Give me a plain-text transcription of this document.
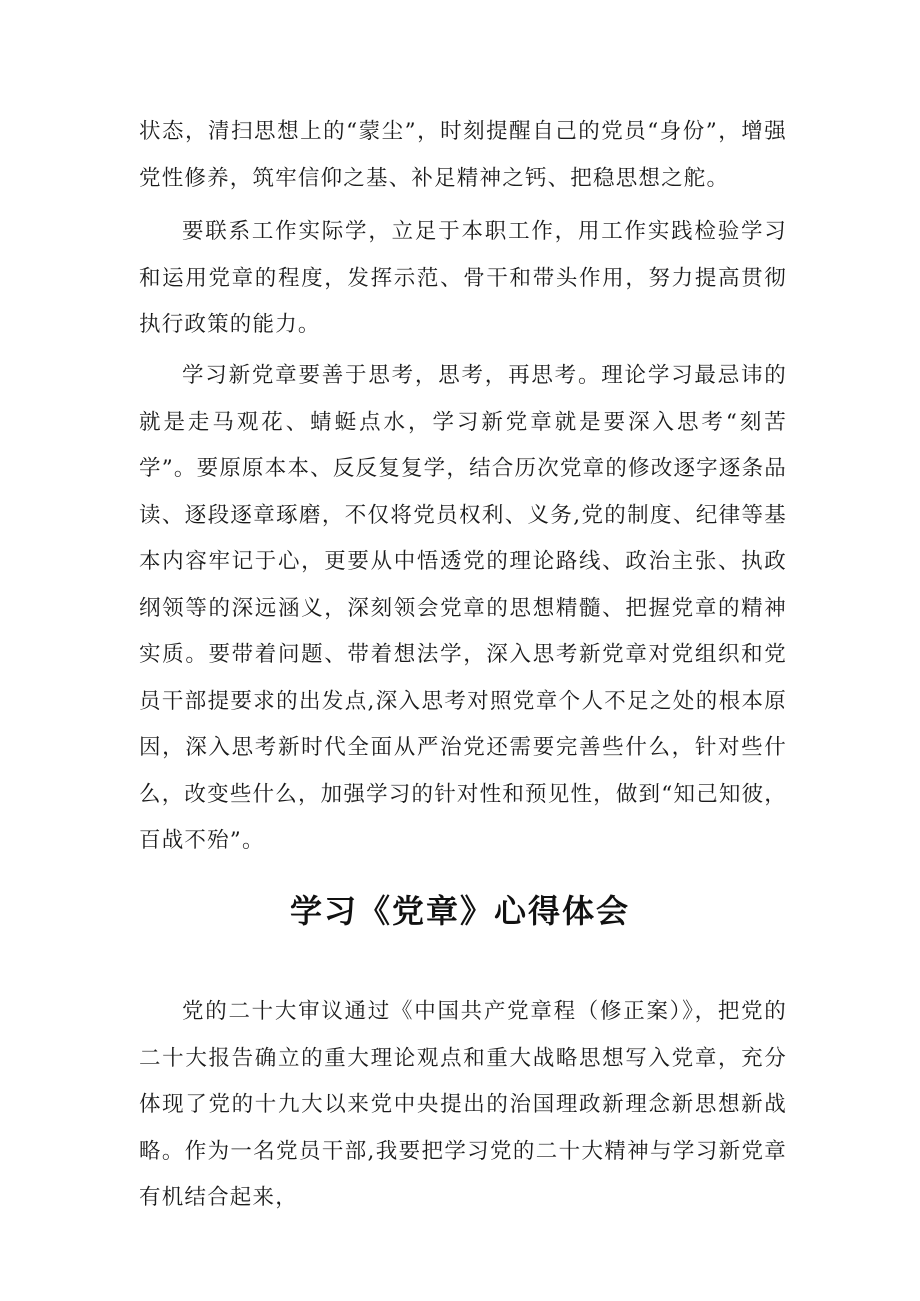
状态，清扫思想上的“蒙尘”，时刻提醒自己的党员“身份”，增强党性修养，筑牢信仰之基、补足精神之钙、把稳思想之舵。

要联系工作实际学，立足于本职工作，用工作实践检验学习和运用党章的程度，发挥示范、骨干和带头作用，努力提高贯彻执行政策的能力。

学习新党章要善于思考，思考，再思考。理论学习最忌讳的就是走马观花、蜻蜓点水，学习新党章就是要深入思考“刻苦学”。要原原本本、反反复复学，结合历次党章的修改逐字逐条品读、逐段逐章琢磨，不仅将党员权利、义务,党的制度、纪律等基本内容牢记于心，更要从中悟透党的理论路线、政治主张、执政纲领等的深远涵义，深刻领会党章的思想精髓、把握党章的精神实质。要带着问题、带着想法学，深入思考新党章对党组织和党员干部提要求的出发点,深入思考对照党章个人不足之处的根本原因，深入思考新时代全面从严治党还需要完善些什么，针对些什么，改变些什么，加强学习的针对性和预见性，做到“知己知彼，百战不殆”。

学习《党章》心得体会

党的二十大审议通过《中国共产党章程（修正案）》，把党的二十大报告确立的重大理论观点和重大战略思想写入党章，充分体现了党的十九大以来党中央提出的治国理政新理念新思想新战略。作为一名党员干部,我要把学习党的二十大精神与学习新党章有机结合起来，
